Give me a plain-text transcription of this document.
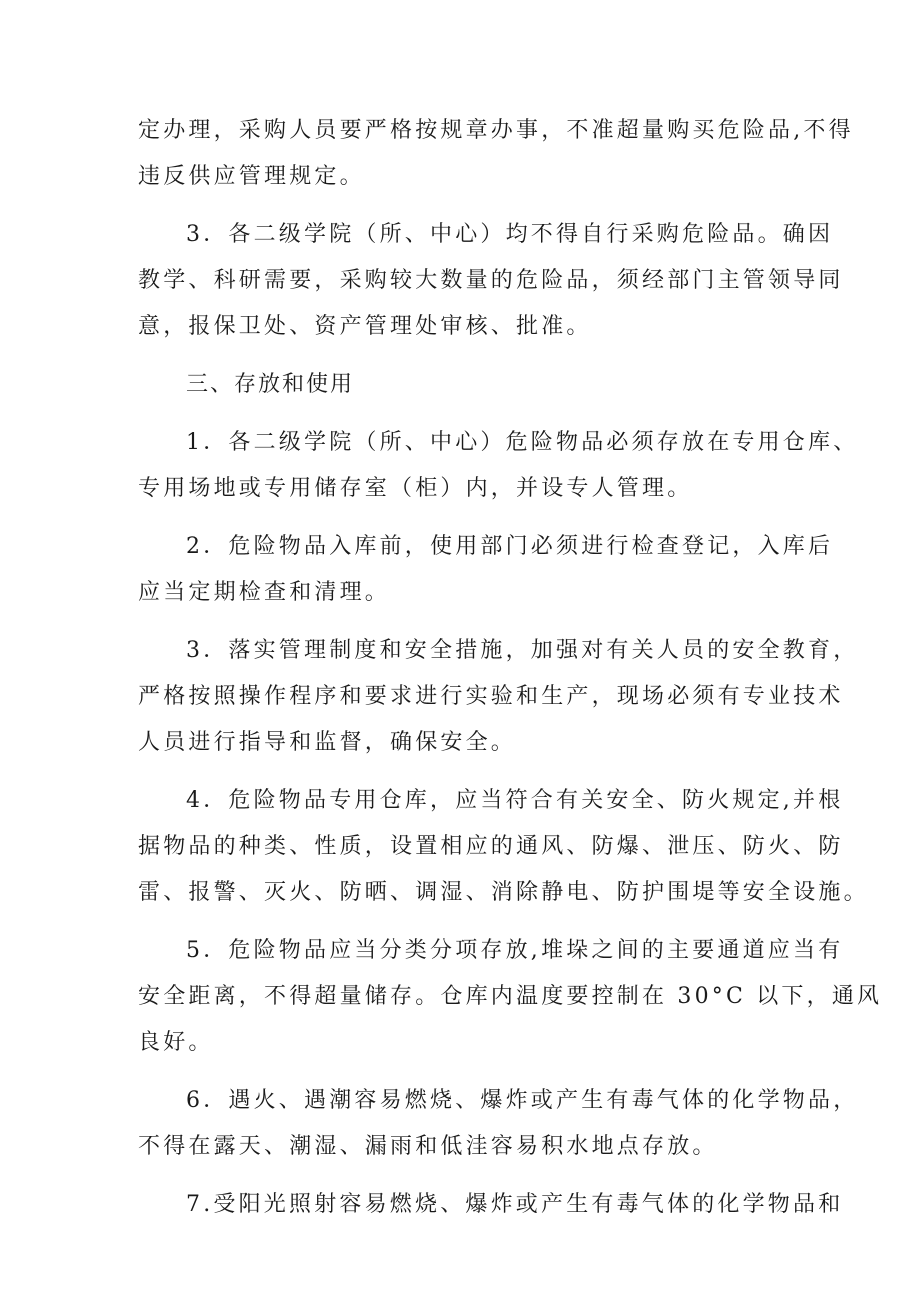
定办理，采购人员要严格按规章办事，不准超量购买危险品,不得
违反供应管理规定。
3．各二级学院（所、中心）均不得自行采购危险品。确因
教学、科研需要，采购较大数量的危险品，须经部门主管领导同
意，报保卫处、资产管理处审核、批准。
三、存放和使用
1．各二级学院（所、中心）危险物品必须存放在专用仓库、
专用场地或专用储存室（柜）内，并设专人管理。
2．危险物品入库前，使用部门必须进行检查登记，入库后
应当定期检查和清理。
3．落实管理制度和安全措施，加强对有关人员的安全教育，
严格按照操作程序和要求进行实验和生产，现场必须有专业技术
人员进行指导和监督，确保安全。
4．危险物品专用仓库，应当符合有关安全、防火规定,并根
据物品的种类、性质，设置相应的通风、防爆、泄压、防火、防
雷、报警、灭火、防晒、调湿、消除静电、防护围堤等安全设施。
5．危险物品应当分类分项存放,堆垛之间的主要通道应当有
安全距离，不得超量储存。仓库内温度要控制在 30°C 以下，通风
良好。
6．遇火、遇潮容易燃烧、爆炸或产生有毒气体的化学物品，
不得在露天、潮湿、漏雨和低洼容易积水地点存放。
7.受阳光照射容易燃烧、爆炸或产生有毒气体的化学物品和
